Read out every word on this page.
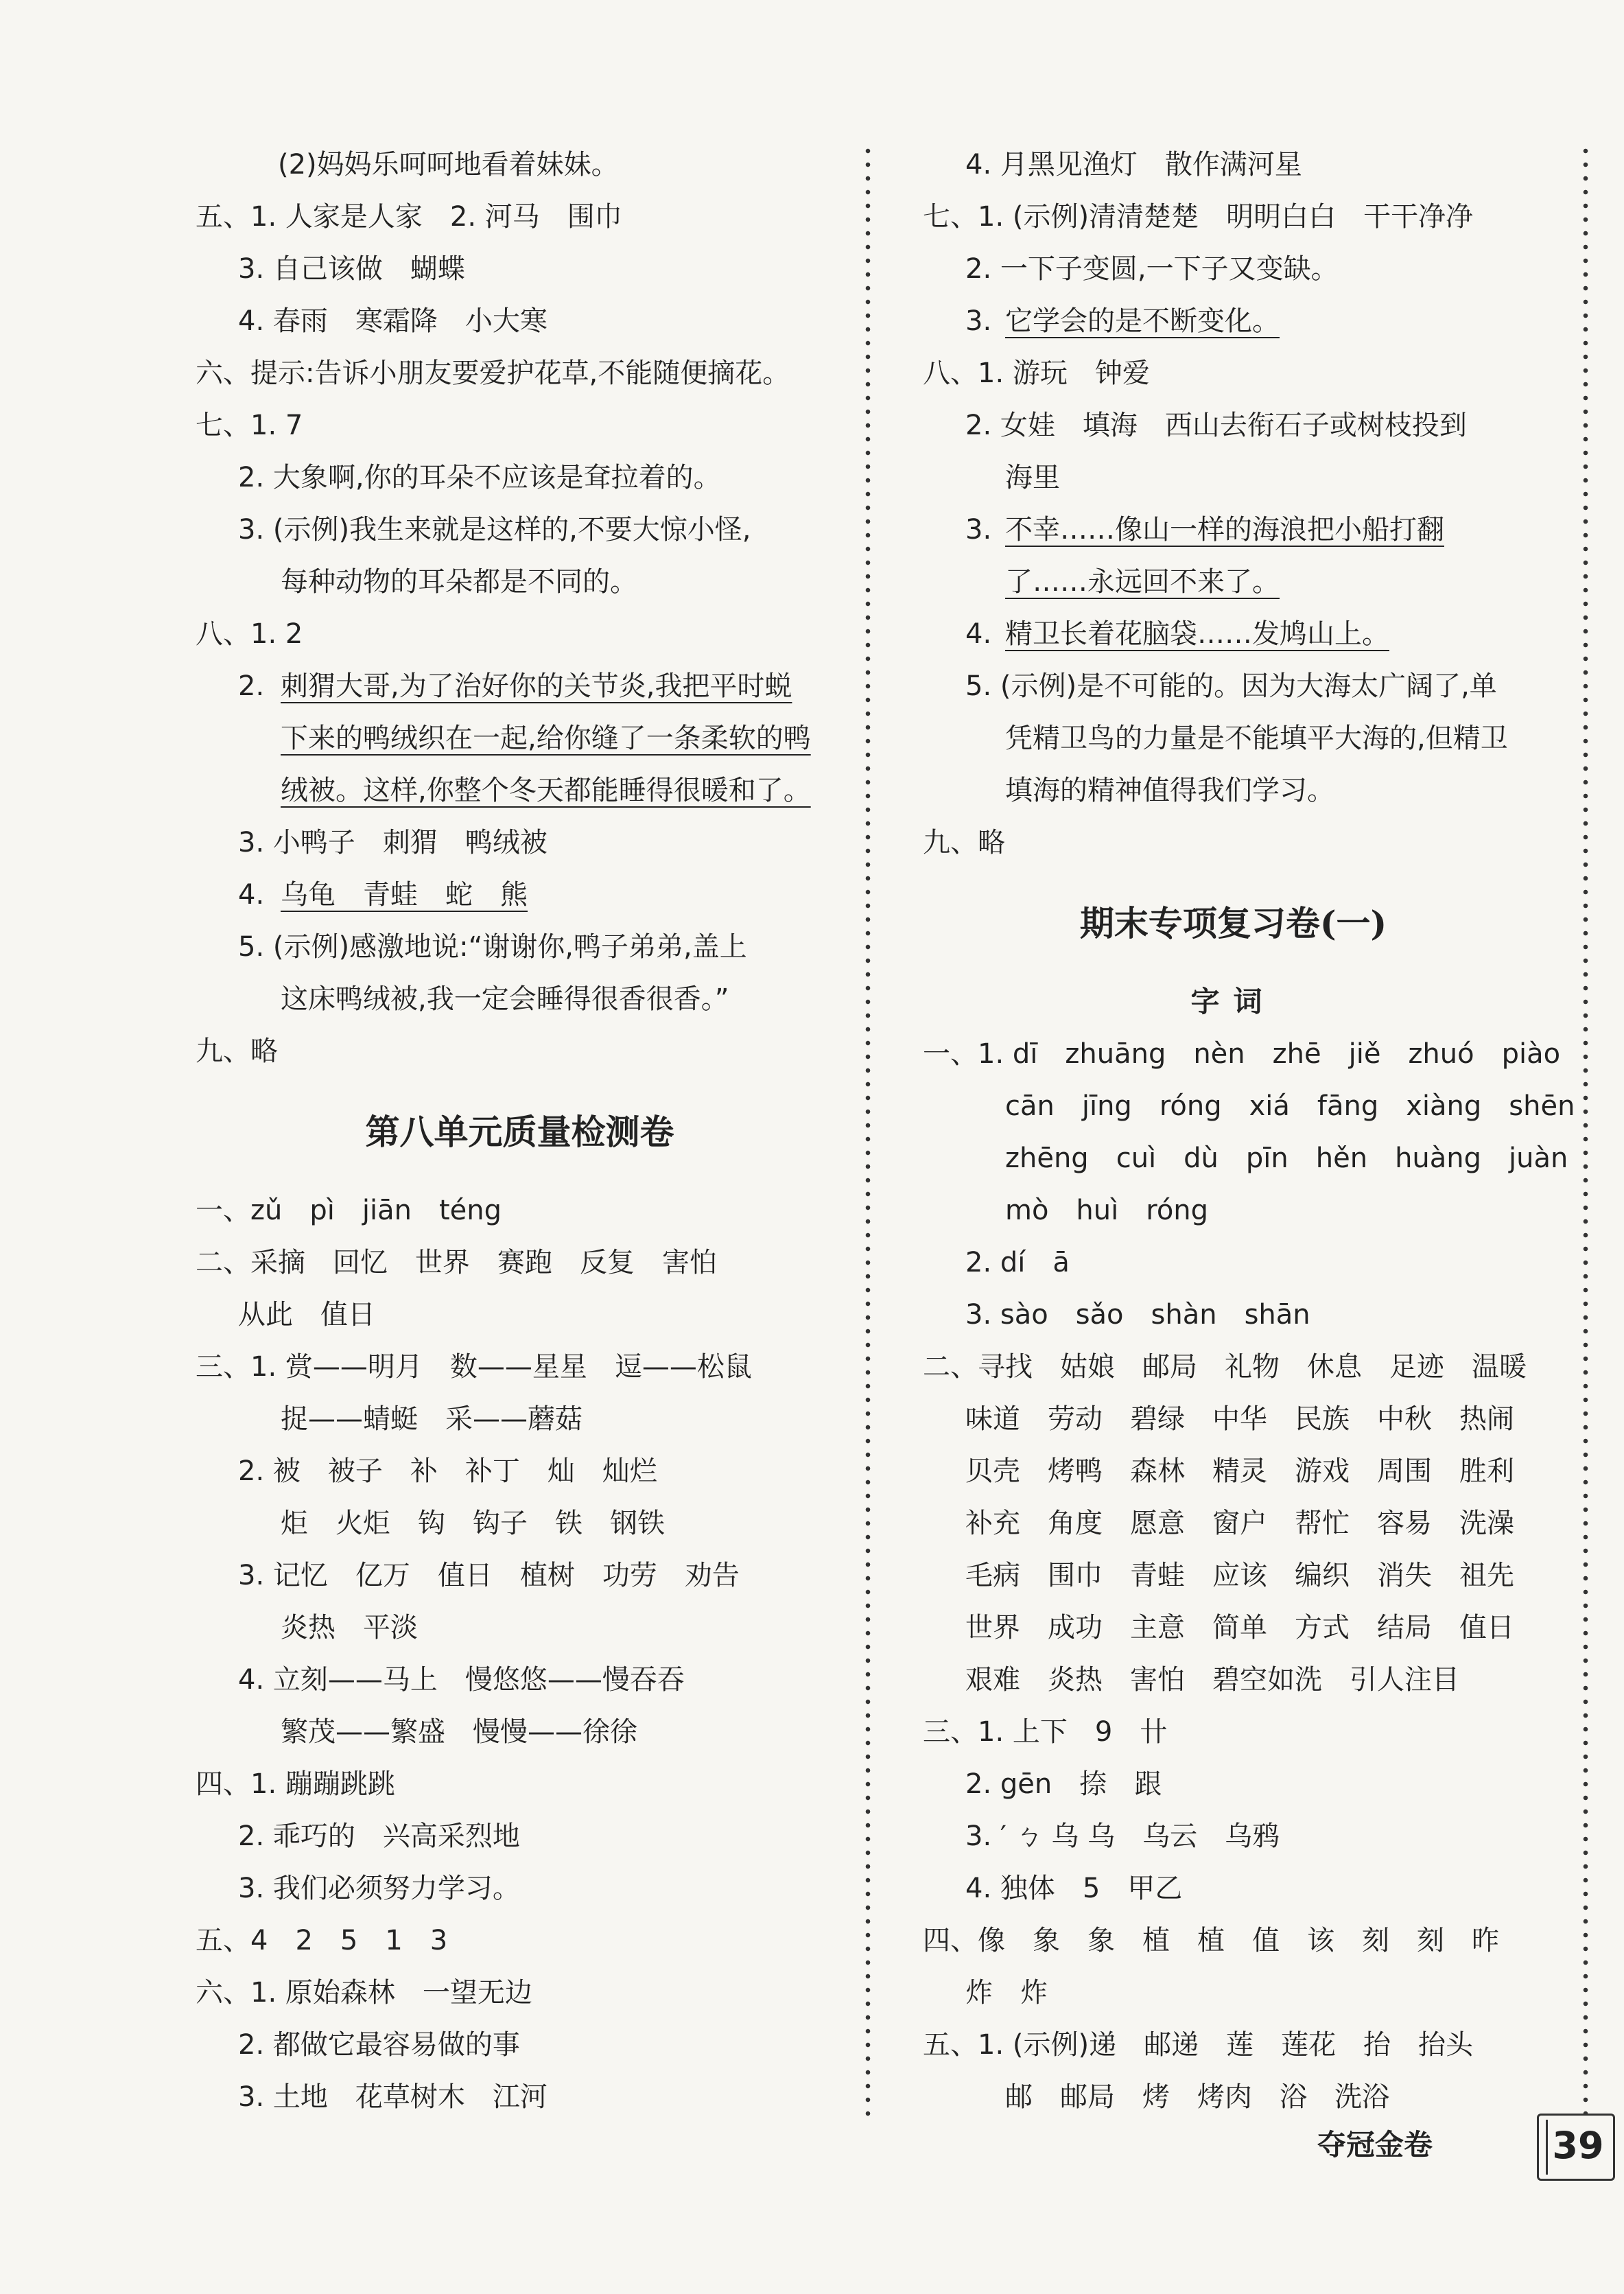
(2)妈妈乐呵呵地看着妹妹。
五、1. 人家是人家　2. 河马　围巾
3. 自己该做　蝴蝶
4. 春雨　寒霜降　小大寒
六、提示:告诉小朋友要爱护花草,不能随便摘花。
七、1. 7
2. 大象啊,你的耳朵不应该是耷拉着的。
3. (示例)我生来就是这样的,不要大惊小怪,
每种动物的耳朵都是不同的。
八、1. 2
2. 刺猬大哥,为了治好你的关节炎,我把平时蜕
下来的鸭绒织在一起,给你缝了一条柔软的鸭
绒被。这样,你整个冬天都能睡得很暖和了。
3. 小鸭子　刺猬　鸭绒被
4. 乌龟　青蛙　蛇　熊
5. (示例)感激地说:“谢谢你,鸭子弟弟,盖上
这床鸭绒被,我一定会睡得很香很香。”
九、略
第八单元质量检测卷
一、zǔ　pì　jiān　téng
二、采摘　回忆　世界　赛跑　反复　害怕
从此　值日
三、1. 赏——明月　数——星星　逗——松鼠
捉——蜻蜓　采——蘑菇
2. 被　被子　补　补丁　灿　灿烂
炬　火炬　钩　钩子　铁　钢铁
3. 记忆　亿万　值日　植树　功劳　劝告
炎热　平淡
4. 立刻——马上　慢悠悠——慢吞吞
繁茂——繁盛　慢慢——徐徐
四、1. 蹦蹦跳跳
2. 乖巧的　兴高采烈地
3. 我们必须努力学习。
五、4　2　5　1　3
六、1. 原始森林　一望无边
2. 都做它最容易做的事
3. 土地　花草树木　江河
4. 月黑见渔灯　散作满河星
七、1. (示例)清清楚楚　明明白白　干干净净
2. 一下子变圆,一下子又变缺。
3. 它学会的是不断变化。
八、1. 游玩　钟爱
2. 女娃　填海　西山去衔石子或树枝投到
海里
3. 不幸……像山一样的海浪把小船打翻
了……永远回不来了。
4. 精卫长着花脑袋……发鸠山上。
5. (示例)是不可能的。因为大海太广阔了,单
凭精卫鸟的力量是不能填平大海的,但精卫
填海的精神值得我们学习。
九、略
期末专项复习卷(一)
字词
一、1. dī　zhuāng　nèn　zhē　jiě　zhuó　piào
cān　jīng　róng　xiá　fāng　xiàng　shēn
zhēng　cuì　dù　pīn　hěn　huàng　juàn
mò　huì　róng
2. dí　ā
3. sào　sǎo　shàn　shān
二、寻找　姑娘　邮局　礼物　休息　足迹　温暖
味道　劳动　碧绿　中华　民族　中秋　热闹
贝壳　烤鸭　森林　精灵　游戏　周围　胜利
补充　角度　愿意　窗户　帮忙　容易　洗澡
毛病　围巾　青蛙　应该　编织　消失　祖先
世界　成功　主意　简单　方式　结局　值日
艰难　炎热　害怕　碧空如洗　引人注目
三、1. 上下　9　卄
2. gēn　捺　跟
3. ′ ㄅ 乌 乌　乌云　乌鸦
4. 独体　5　甲乙
四、像　象　象　植　植　值　该　刻　刻　昨
炸　炸
五、1. (示例)递　邮递　莲　莲花　抬　抬头
邮　邮局　烤　烤肉　浴　洗浴
夺冠金卷	39
